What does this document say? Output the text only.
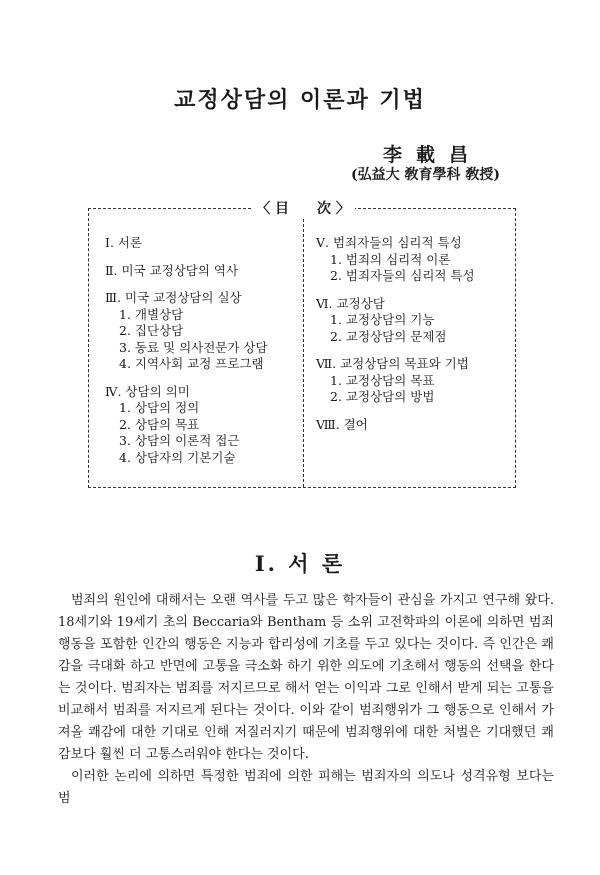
교정상담의 이론과 기법
李載昌
(弘益大 敎育學科 敎授)
〈 目　　次 〉
Ⅰ. 서론
Ⅱ. 미국 교정상담의 역사
Ⅲ. 미국 교정상담의 실상
1. 개별상담
2. 집단상담
3. 동료 및 의사전문가 상담
4. 지역사회 교정 프로그램
Ⅳ. 상담의 의미
1. 상담의 정의
2. 상담의 목표
3. 상담의 이론적 접근
4. 상담자의 기본기술
Ⅴ. 범죄자들의 심리적 특성
1. 범죄의 심리적 이론
2. 범죄자들의 심리적 특성
Ⅵ. 교정상담
1. 교정상담의 기능
2. 교정상담의 문제점
Ⅶ. 교정상담의 목표와 기법
1. 교정상담의 목표
2. 교정상담의 방법
Ⅷ. 결어
Ⅰ. 서 론

범죄의 원인에 대해서는 오랜 역사를 두고 많은 학자들이 관심을 가지고 연구해 왔다. 18세기와 19세기 초의 Beccaria와 Bentham 등 소위 고전학파의 이론에 의하면 범죄행동을 포함한 인간의 행동은 지능과 합리성에 기초를 두고 있다는 것이다. 즉 인간은 쾌감을 극대화 하고 반면에 고통을 극소화 하기 위한 의도에 기초해서 행동의 선택을 한다는 것이다. 범죄자는 범죄를 저지르므로 해서 얻는 이익과 그로 인해서 받게 되는 고통을 비교해서 범죄를 저지르게 된다는 것이다. 이와 같이 범죄행위가 그 행동으로 인해서 가져올 쾌감에 대한 기대로 인해 저질러지기 때문에 범죄행위에 대한 처벌은 기대했던 쾌감보다 훨씬 더 고통스러워야 한다는 것이다.

이러한 논리에 의하면 특정한 범죄에 의한 피해는 범죄자의 의도나 성격유형 보다는 범
